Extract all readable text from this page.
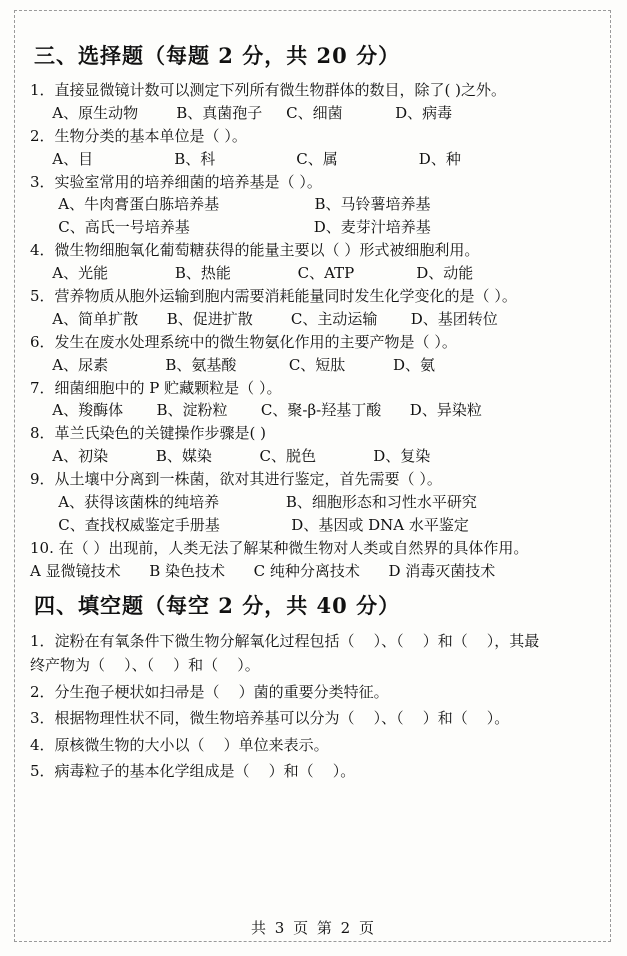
三、选择题（每题 2 分，共 20 分）
1．直接显微镜计数可以测定下列所有微生物群体的数目，除了( )之外。
A、原生动物        B、真菌孢子     C、细菌           D、病毒
2．生物分类的基本单位是（ ）。
A、目                 B、科                 C、属                 D、种
3．实验室常用的培养细菌的培养基是（ ）。
A、牛肉膏蛋白胨培养基                    B、马铃薯培养基
C、高氏一号培养基                          D、麦芽汁培养基
4．微生物细胞氧化葡萄糖获得的能量主要以（ ）形式被细胞利用。
A、光能              B、热能              C、ATP             D、动能
5．营养物质从胞外运输到胞内需要消耗能量同时发生化学变化的是（ ）。
A、简单扩散      B、促进扩散        C、主动运输       D、基团转位
6．发生在废水处理系统中的微生物氨化作用的主要产物是（ ）。
A、尿素            B、氨基酸           C、短肽          D、氨
7．细菌细胞中的 P 贮藏颗粒是（ ）。
A、羧酶体       B、淀粉粒       C、聚-β-羟基丁酸      D、异染粒
8．革兰氏染色的关键操作步骤是( )
A、初染          B、媒染          C、脱色            D、复染
9．从土壤中分离到一株菌，欲对其进行鉴定，首先需要（ ）。
A、获得该菌株的纯培养              B、细胞形态和习性水平研究
C、查找权威鉴定手册基               D、基因或 DNA 水平鉴定
10. 在（ ）出现前，人类无法了解某种微生物对人类或自然界的具体作用。
A 显微镜技术      B 染色技术      C 纯种分离技术      D 消毒灭菌技术
四、填空题（每空 2 分，共 40 分）
1．淀粉在有氧条件下微生物分解氧化过程包括（    ）、（    ）和（    ），其最
终产物为（    ）、（    ）和（    ）。
2．分生孢子梗状如扫帚是（    ）菌的重要分类特征。
3．根据物理性状不同，微生物培养基可以分为（    ）、（    ）和（    ）。
4．原核微生物的大小以（    ）单位来表示。
5．病毒粒子的基本化学组成是（    ）和（    ）。
共 3 页 第 2 页
